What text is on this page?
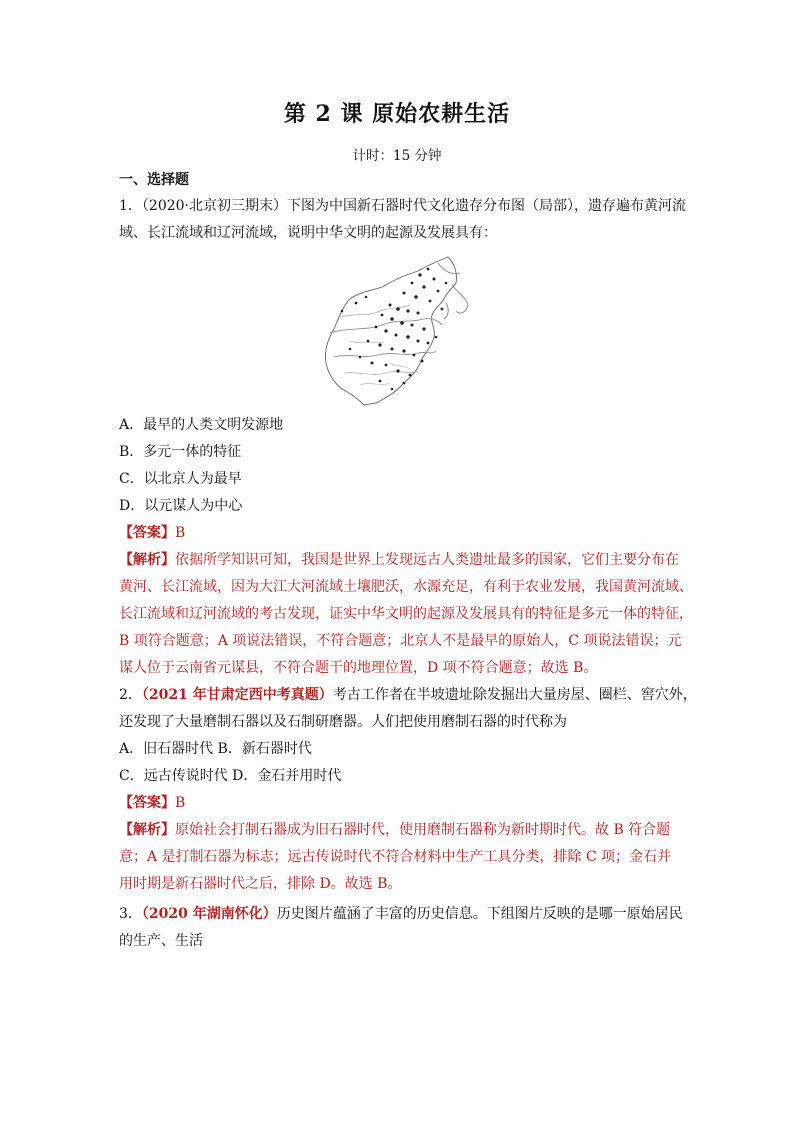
第 2 课 原始农耕生活
计时：15 分钟
一、选择题
1．（2020·北京初三期末）下图为中国新石器时代文化遗存分布图（局部），遗存遍布黄河流
域、长江流域和辽河流域，说明中华文明的起源及发展具有：
A．最早的人类文明发源地
B．多元一体的特征
C．以北京人为最早
D．以元谋人为中心
【答案】B
【解析】依据所学知识可知，我国是世界上发现远古人类遗址最多的国家，它们主要分布在
黄河、长江流域，因为大江大河流域土壤肥沃，水源充足，有利于农业发展，我国黄河流域、
长江流域和辽河流域的考古发现，证实中华文明的起源及发展具有的特征是多元一体的特征，
B 项符合题意；A 项说法错误，不符合题意；北京人不是最早的原始人，C 项说法错误；元
谋人位于云南省元谋县，不符合题干的地理位置，D 项不符合题意；故选 B。
2．（2021 年甘肃定西中考真题）考古工作者在半坡遗址除发掘出大量房屋、圈栏、窖穴外，
还发现了大量磨制石器以及石制研磨器。人们把使用磨制石器的时代称为
A．旧石器时代 B．新石器时代
C．远古传说时代 D．金石并用时代
【答案】B
【解析】原始社会打制石器成为旧石器时代，使用磨制石器称为新时期时代。故 B 符合题
意；A 是打制石器为标志；远古传说时代不符合材料中生产工具分类，排除 C 项；金石并
用时期是新石器时代之后，排除 D。故选 B。
3．（2020 年湖南怀化）历史图片蕴涵了丰富的历史信息。下组图片反映的是哪一原始居民
的生产、生活
